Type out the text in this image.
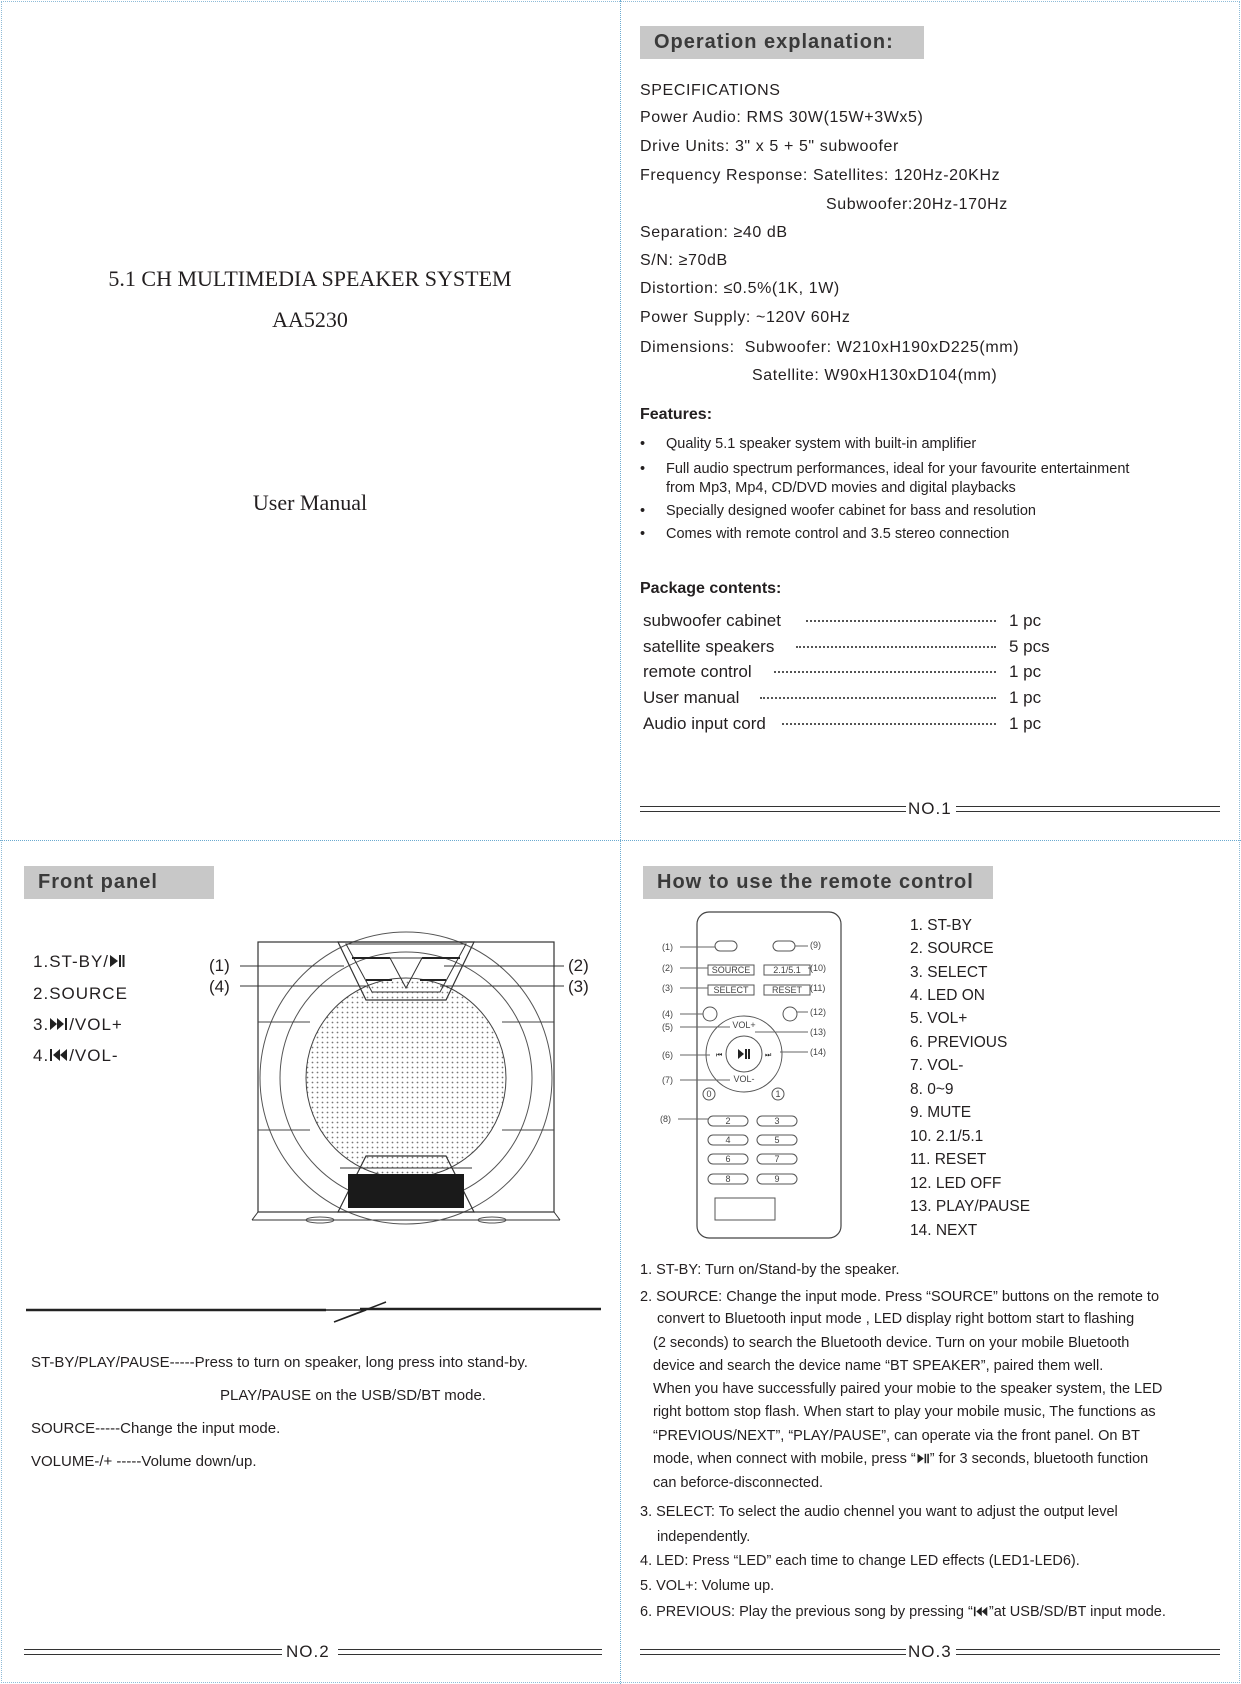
5.1 CH MULTIMEDIA SPEAKER SYSTEM
AA5230
User Manual
Operation explanation:
SPECIFICATIONS
Power Audio: RMS 30W(15W+3Wx5)
Drive Units: 3" x 5 + 5" subwoofer
Frequency Response: Satellites: 120Hz-20KHz
Subwoofer:20Hz-170Hz
Separation: ≥40 dB
S/N: ≥70dB
Distortion: ≤0.5%(1K, 1W)
Power Supply: ~120V 60Hz
Dimensions: Subwoofer: W210xH190xD225(mm)
Satellite: W90xH130xD104(mm)
Features:
• Quality 5.1 speaker system with built-in amplifier
• Full audio spectrum performances, ideal for your favourite entertainment
from Mp3, Mp4, CD/DVD movies and digital playbacks
• Specially designed woofer cabinet for bass and resolution
• Comes with remote control and 3.5 stereo connection
Package contents:
subwoofer cabinet	1 pc
satellite speakers	5 pcs
remote control	1 pc
User manual	1 pc
Audio input cord	1 pc
NO.1
Front panel
1.ST-BY/
2.SOURCE
3. /VOL+
4. /VOL-
(1)
(4)
(2)
(3)
ST-BY/PLAY/PAUSE-----Press to turn on speaker, long press into stand-by.
PLAY/PAUSE on the USB/SD/BT mode.
SOURCE-----Change the input mode.
VOLUME-/+ -----Volume down/up.
NO.2
How to use the remote control
SOURCE	2.1/5.1
SELECT	RESET
VOL+
VOL-
⏮	⏭
0	1
2	3
4	5
6	7
8	9
(1)
(2)
(3)
(4)
(5)
(6)
(7)
(8)
(9)
(10)
(11)
(12)
(13)
(14)
1. ST-BY
2. SOURCE
3. SELECT
4. LED ON
5. VOL+
6. PREVIOUS
7. VOL-
8. 0~9
9. MUTE
10. 2.1/5.1
11. RESET
12. LED OFF
13. PLAY/PAUSE
14. NEXT
1. ST-BY: Turn on/Stand-by the speaker.
2. SOURCE: Change the input mode. Press “SOURCE” buttons on the remote to
convert to Bluetooth input mode , LED display right bottom start to flashing
(2 seconds) to search the Bluetooth device. Turn on your mobile Bluetooth
device and search the device name “BT SPEAKER”, paired them well.
When you have successfully paired your mobie to the speaker system, the LED
right bottom stop flash. When start to play your mobile music, The functions as
“PREVIOUS/NEXT”, “PLAY/PAUSE”, can operate via the front panel. On BT
mode, when connect with mobile, press “ ” for 3 seconds, bluetooth function
can beforce-disconnected.
3. SELECT: To select the audio chennel you want to adjust the output level
independently.
4. LED: Press “LED” each time to change LED effects (LED1-LED6).
5. VOL+: Volume up.
6. PREVIOUS: Play the previous song by pressing “ ”at USB/SD/BT input mode.
NO.3
